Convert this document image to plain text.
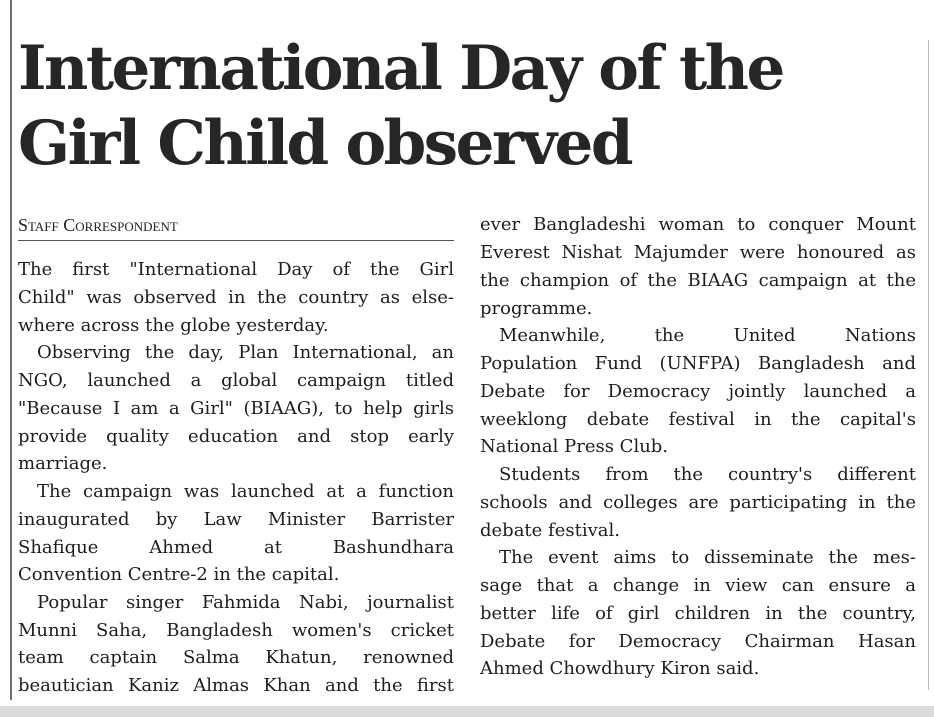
International Day of the
Girl Child observed
Staff Correspondent
The first "International Day of the Girl
Child" was observed in the country as else-
where across the globe yesterday.
Observing the day, Plan International, an
NGO, launched a global campaign titled
"Because I am a Girl" (BIAAG), to help girls
provide quality education and stop early
marriage.
The campaign was launched at a function
inaugurated by Law Minister Barrister
Shafique Ahmed at Bashundhara
Convention Centre-2 in the capital.
Popular singer Fahmida Nabi, journalist
Munni Saha, Bangladesh women's cricket
team captain Salma Khatun, renowned
beautician Kaniz Almas Khan and the first
ever Bangladeshi woman to conquer Mount
Everest Nishat Majumder were honoured as
the champion of the BIAAG campaign at the
programme.
Meanwhile, the United Nations
Population Fund (UNFPA) Bangladesh and
Debate for Democracy jointly launched a
weeklong debate festival in the capital's
National Press Club.
Students from the country's different
schools and colleges are participating in the
debate festival.
The event aims to disseminate the mes-
sage that a change in view can ensure a
better life of girl children in the country,
Debate for Democracy Chairman Hasan
Ahmed Chowdhury Kiron said.
